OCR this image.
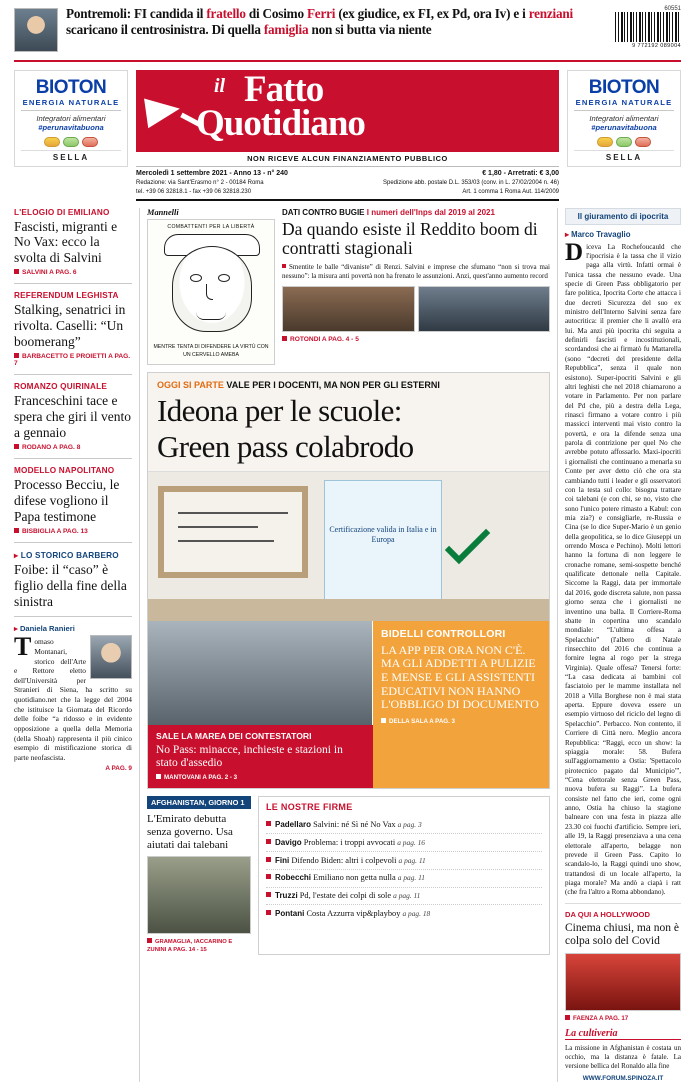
Pontremoli: FI candida il fratello di Cosimo Ferri (ex giudice, ex FI, ex Pd, ora Iv) e i renziani scaricano il centrosinistra. Di quella famiglia non si butta via niente
60551
9 772192 089004
BIOTON
ENERGIA NATURALE
Integratori alimentari
#perunavitabuona
SELLA
il Fatto
Quotidiano
NON RICEVE ALCUN FINANZIAMENTO PUBBLICO
Mercoledì 1 settembre 2021 - Anno 13 - n° 240
Redazione: via Sant'Erasmo n° 2 - 00184 Roma
tel. +39 06 32818.1 - fax +39 06 32818.230
€ 1,80 - Arretrati: € 3,00
Spedizione abb. postale D.L. 353/03 (conv. in L. 27/02/2004 n. 46)
Art. 1 comma 1 Roma Aut. 114/2009
BIOTON
ENERGIA NATURALE
Integratori alimentari
#perunavitabuona
SELLA
L'ELOGIO DI EMILIANO
Fascisti, migranti e No Vax: ecco la svolta di Salvini
SALVINI A PAG. 6
REFERENDUM LEGHISTA
Stalking, senatrici in rivolta. Caselli: “Un boomerang”
BARBACETTO E PROIETTI A PAG. 7
ROMANZO QUIRINALE
Franceschini tace e spera che giri il vento a gennaio
RODANO A PAG. 8
MODELLO NAPOLITANO
Processo Becciu, le difese vogliono il Papa testimone
BISBIGLIA A PAG. 13
▸ LO STORICO BARBERO
Foibe: il “caso” è figlio della fine della sinistra
▸ Daniela Ranieri
Tomaso Montanari, storico dell'Arte e Rettore eletto dell'Università per Stranieri di Siena, ha scritto su quotidiano.net che la legge del 2004 che istituisce la Giornata del Ricordo delle foibe “a ridosso e in evidente opposizione a quella della Memoria (della Shoah) rappresenta il più cinico esempio di mistificazione storica di parte neofascista.
A PAG. 9
Mannelli
COMBATTENTI PER LA LIBERTÀ
MENTRE TENTA DI DIFENDERE LA VIRTÙ CON UN CERVELLO AMEBA
DATI CONTRO BUGIE I numeri dell'Inps dal 2019 al 2021
Da quando esiste il Reddito boom di contratti stagionali
Smentite le balle “divaniste” di Renzi. Salvini e imprese che sfumano “non si trova mai nessuno”: la misura anti povertà non ha frenato le assunzioni. Anzi, quest'anno aumento record
ROTONDI A PAG. 4 - 5
OGGI SI PARTE VALE PER I DOCENTI, MA NON PER GLI ESTERNI
Ideona per le scuole:
Green pass colabrodo
Certificazione valida in Italia e in Europa
SALE LA MAREA DEI CONTESTATORI
No Pass: minacce, inchieste e stazioni in stato d'assedio
MANTOVANI A PAG. 2 - 3
BIDELLI CONTROLLORI
LA APP PER ORA NON C'È. MA GLI ADDETTI A PULIZIE E MENSE E GLI ASSISTENTI EDUCATIVI NON HANNO L'OBBLIGO DI DOCUMENTO
DELLA SALA A PAG. 3
AFGHANISTAN, GIORNO 1
L'Emirato debutta senza governo. Usa aiutati dai talebani
GRAMAGLIA, IACCARINO E ZUNINI A PAG. 14 - 15
LE NOSTRE FIRME
Padellaro Salvini: né Sì né No Vax a pag. 3
Davigo Problema: i troppi avvocati a pag. 16
Fini Difendo Biden: altri i colpevoli a pag. 11
Robecchi Emiliano non getta nulla a pag. 11
Truzzi Pd, l'estate dei colpi di sole a pag. 11
Pontani Costa Azzurra vip&playboy a pag. 18
Il giuramento di ipocrita
▸ Marco Travaglio
Diceva La Rochefoucauld che l'ipocrisia è la tassa che il vizio paga alla virtù. Infatti ormai è l'unica tassa che nessuno evade. Una specie di Green Pass obbligatorio per fare politica, Ipocrita Corte che attacca i due decreti Sicurezza del suo ex ministro dell'Interno Salvini senza fare autocritica: il premier che li avallò era lui. Ma anzi più ipocrita chi seguita a definirli fascisti e incostituzionali, scordandosi che ai firmatò fu Mattarella (sono “decreti del presidente della Repubblica”, senza il quale non esistono). Super-ipocriti Salvini e gli altri leghisti che nel 2018 chiamarono a votare in Parlamento. Per non parlare del Pd che, più a destra della Lega, rinasci firmano a votare contro i più massicci interventi mai visto contro la povertà, e ora la difende senza una parola di contrizione per quel No che avrebbe potuto affossarlo. Maxi-ipocriti i giornalisti che continuano a menarla su Conte per aver detto ciò che ora sta cambiando tutti i leader e gli osservatori con la testa sul collo: bisogna trattare coi talebani (e con chi, se no, visto che sono l'unico potere rimasto a Kabul: con mia zia?) e consigliarle, re-Russia e Cina (se lo dice Super-Mario è un genio della geopolitica, se lo dice Giuseppi un orrendo Mosca e Pechino). Molti lettori hanno la fortuna di non leggere le cronache romane, semi-sospette benché qualificate dettonale nella Capitale. Siccome la Raggi, data per immortale dal 2016, gode discreta salute, non passa giorno senza che i giornalisti ne inventino una balla. Il Corriere-Roma sbatte in copertina uno scandalo mondiale: “L'ultima offesa a Spelacchio” (l'albero di Natale rinsecchito del 2016 che continua a fornire legna al rogo per la strega Virginia). Quale offesa? Tenersi forte: “La casa dedicata ai bambini col fasciatoio per le mamme installata nel 2018 a Villa Borghese non è mai stata aperta. Eppure doveva essere un esempio virtuoso del riciclo del legno di Spelacchio”. Perbacco. Non contento, il Corriere di Città nero. Meglio ancora Repubblica: “Raggi, ecco un show: la spiaggia morale: 58. Bufera sull'aggiornamento a Ostia: 'Spettacolo pirotecnico pagato dal Municipio'”, “Cena elettorale senza Green Pass, nuova bufera su Raggi”. La bufera consiste nel fatto che ieri, come ogni anno, Ostia ha chiuso la stagione balneare con una festa in piazza alle 23.30 coi fuochi d'artificio. Sempre ieri, alle 19, la Raggi presenziava a una cena elettorale all'aperto, belagge non prevede il Green Pass. Capito lo scandalo-lo, la Raggi quindi uno show, trattandosi di un locale all'aperto, la piaga morale? Ma andò a ciapà i ratt (che fra l'altro a Roma abbondano).
DA QUI A HOLLYWOOD
Cinema chiusi, ma non è colpa solo del Covid
FAENZA A PAG. 17
La cultiveria
La missione in Afghanistan è costata un occhio, ma la distanza è fatale. La versione bellica del Ronaldo alla fine
WWW.FORUM.SPINOZA.IT
